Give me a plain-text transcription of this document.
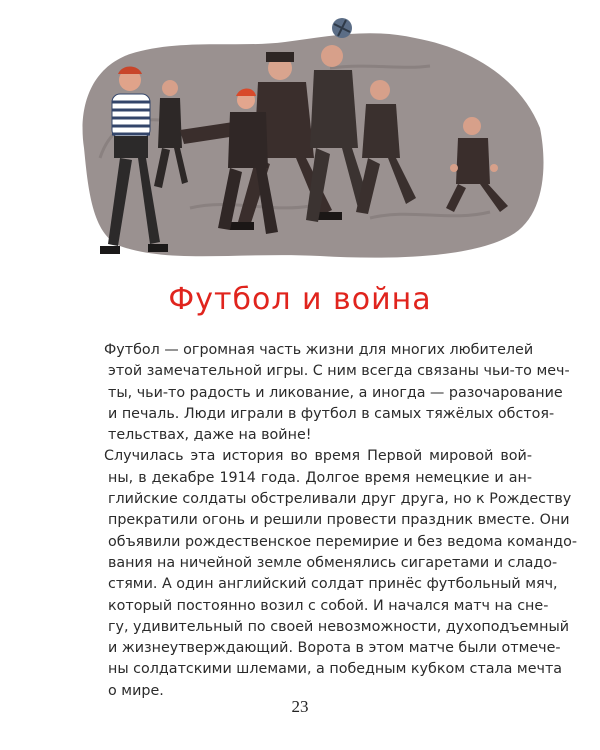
Футбол и война

Футбол — огромная часть жизни для многих любителей
этой замечательной игры. С ним всегда связаны чьи-то меч-
ты, чьи-то радость и ликование, а иногда — разочарование
и печаль. Люди играли в футбол в самых тяжёлых обстоя-
тельствах, даже на войне!

Случилась эта история во время Первой мировой вой-
ны, в декабре 1914 года. Долгое время немецкие и ан-
глийские солдаты обстреливали друг друга, но к Рождеству
прекратили огонь и решили провести праздник вместе. Они
объявили рождественское перемирие и без ведома командо-
вания на ничейной земле обменялись сигаретами и сладо-
стями. А один английский солдат принёс футбольный мяч,
который постоянно возил с собой. И начался матч на сне-
гу, удивительный по своей невозможности, духоподъемный
и жизнеутверждающий. Ворота в этом матче были отмече-
ны солдатскими шлемами, а победным кубком стала мечта
о мире.

23
